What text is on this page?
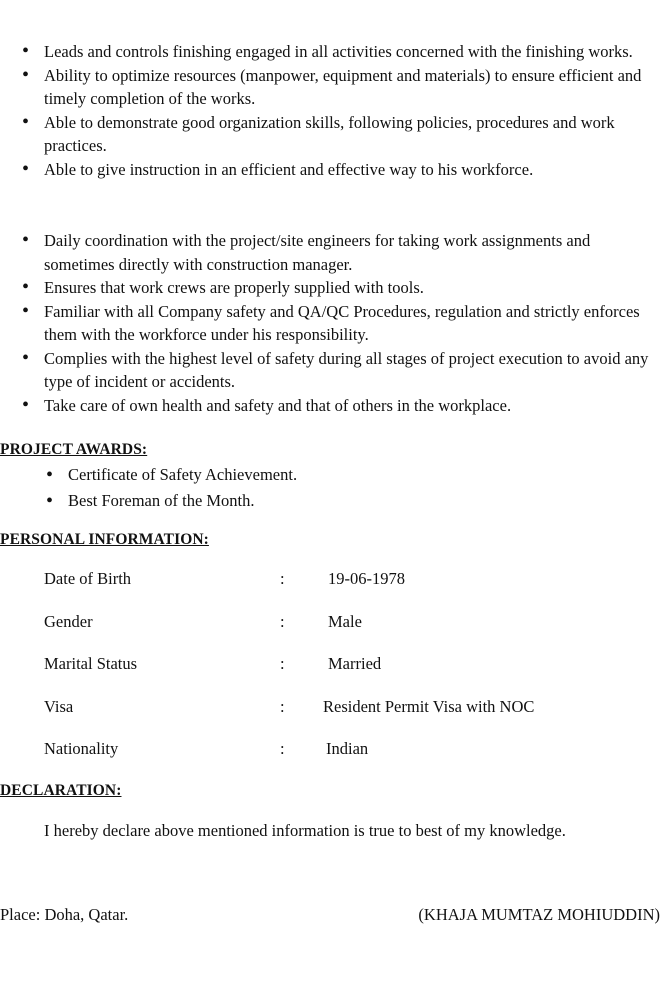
• Leads and controls finishing engaged in all activities concerned with the finishing works.
• Ability to optimize resources (manpower, equipment and materials) to ensure efficient and timely completion of the works.
• Able to demonstrate good organization skills, following policies, procedures and work practices.
• Able to give instruction in an efficient and effective way to his workforce.
• Daily coordination with the project/site engineers for taking work assignments and sometimes directly with construction manager.
• Ensures that work crews are properly supplied with tools.
• Familiar with all Company safety and QA/QC Procedures, regulation and strictly enforces them with the workforce under his responsibility.
• Complies with the highest level of safety during all stages of project execution to avoid any type of incident or accidents.
• Take care of own health and safety and that of others in the workplace.
PROJECT AWARDS:
• Certificate of Safety Achievement.
• Best Foreman of the Month.
PERSONAL INFORMATION:
Date of Birth	:	19-06-1978
Gender	:	Male
Marital Status	:	Married
Visa	: Resident Permit Visa with NOC
Nationality	:	Indian
DECLARATION:
I hereby declare above mentioned information is true to best of my knowledge.
Place: Doha, Qatar.	(KHAJA MUMTAZ MOHIUDDIN)
